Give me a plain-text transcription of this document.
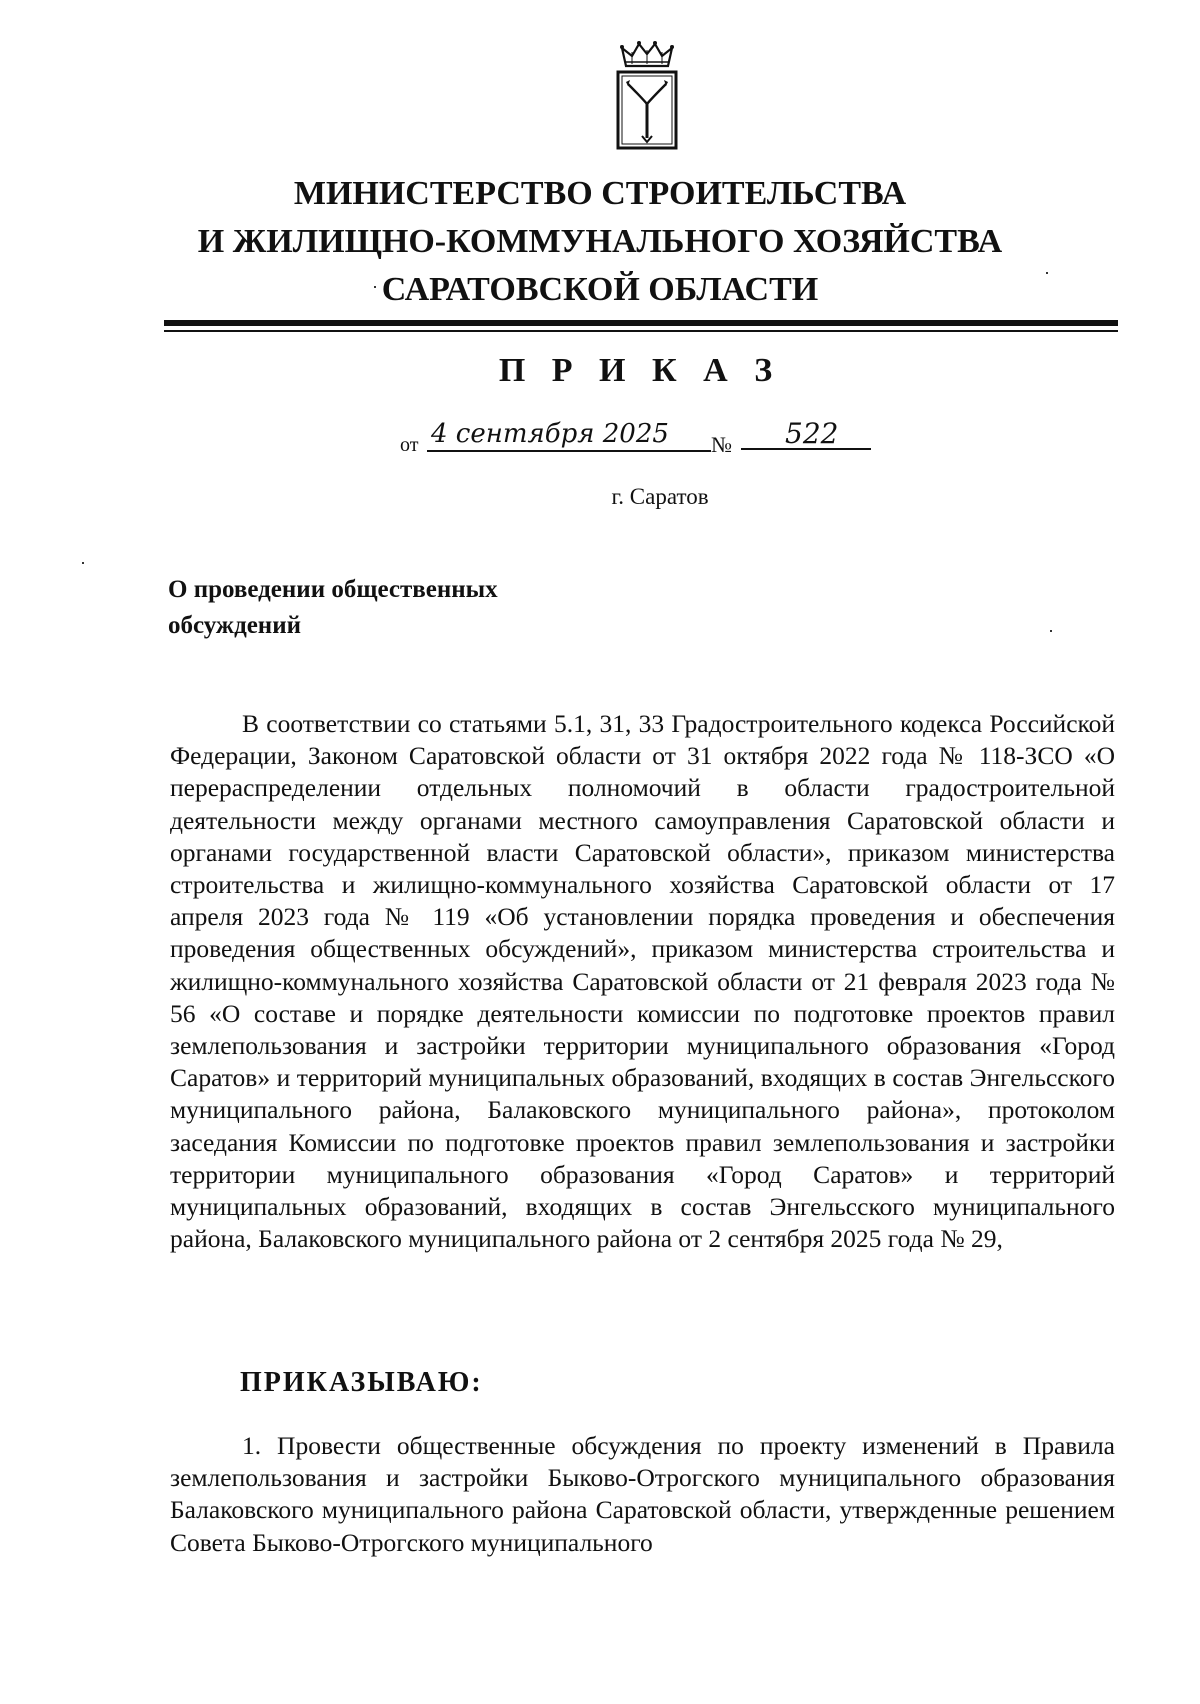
МИНИСТЕРСТВО СТРОИТЕЛЬСТВА
И ЖИЛИЩНО-КОММУНАЛЬНОГО ХОЗЯЙСТВА
САРАТОВСКОЙ ОБЛАСТИ
П Р И К А З
от 4 сентября 2025	№	522
г. Саратов
О проведении общественных
обсуждений
В соответствии со статьями 5.1, 31, 33 Градостроительного кодекса Российской Федерации, Законом Саратовской области от 31 октября 2022 года № 118-ЗСО «О перераспределении отдельных полномочий в области градостроительной деятельности между органами местного самоуправления Саратовской области и органами государственной власти Саратовской области», приказом министерства строительства и жилищно-коммунального хозяйства Саратовской области от 17 апреля 2023 года № 119 «Об установлении порядка проведения и обеспечения проведения общественных обсуждений», приказом министерства строительства и жилищно-коммунального хозяйства Саратовской области от 21 февраля 2023 года № 56 «О составе и порядке деятельности комиссии по подготовке проектов правил землепользования и застройки территории муниципального образования «Город Саратов» и территорий муниципальных образований, входящих в состав Энгельсского муниципального района, Балаковского муниципального района», протоколом заседания Комиссии по подготовке проектов правил землепользования и застройки территории муниципального образования «Город Саратов» и территорий муниципальных образований, входящих в состав Энгельсского муниципального района, Балаковского муниципального района от 2 сентября 2025 года № 29,
ПРИКАЗЫВАЮ:
1. Провести общественные обсуждения по проекту изменений в Правила землепользования и застройки Быково-Отрогского муниципального образования Балаковского муниципального района Саратовской области, утвержденные решением Совета Быково-Отрогского муниципального
